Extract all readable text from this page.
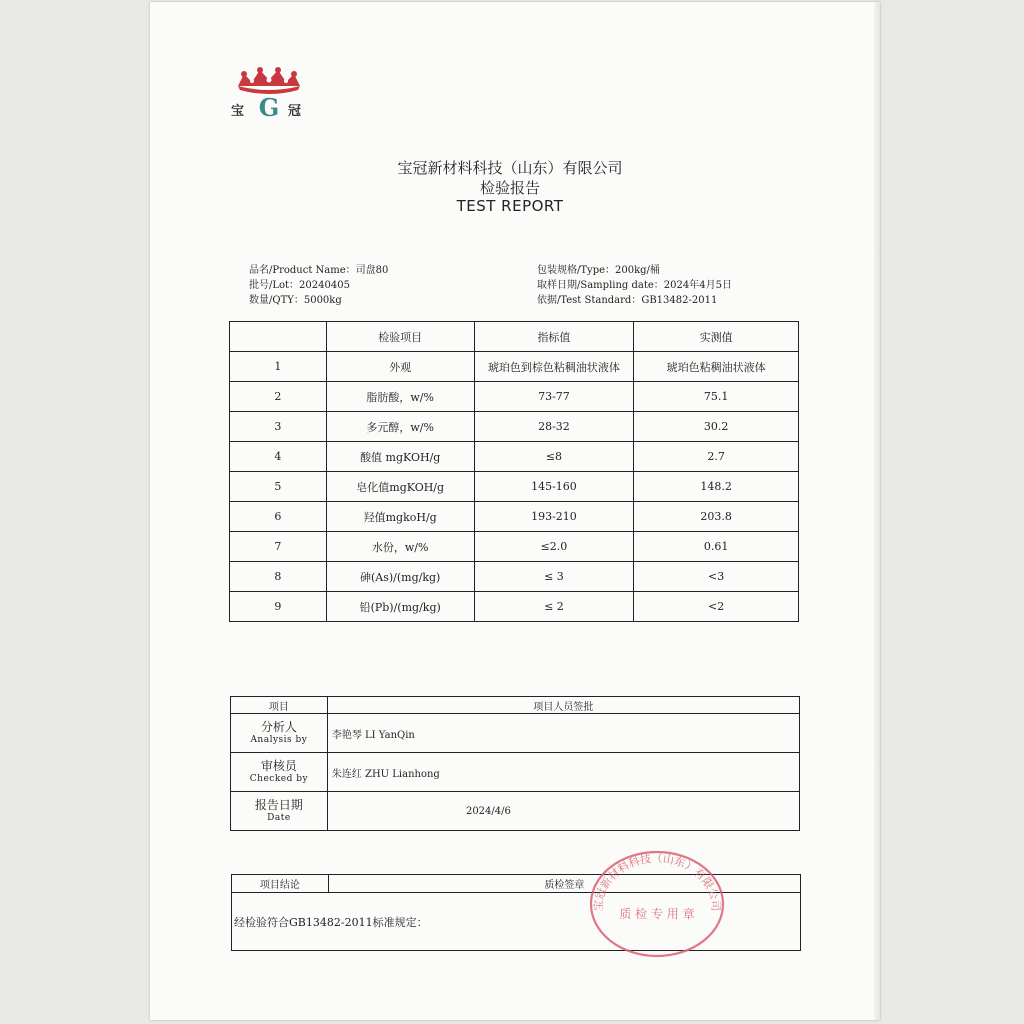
G
宝	冠
宝冠新材料科技（山东）有限公司
检验报告
TEST REPORT
品名/Product Name：司盘80
批号/Lot：20240405
数量/QTY：5000kg
包装规格/Type：200kg/桶
取样日期/Sampling date：2024年4月5日
依据/Test Standard：GB13482-2011
	检验项目	指标值	实测值
1	外观	琥珀色到棕色粘稠油状液体	琥珀色粘稠油状液体
2	脂肪酸，w/%	73-77	75.1
3	多元醇，w/%	28-32	30.2
4	酸值 mgKOH/g	≤8	2.7
5	皂化值mgKOH/g	145-160	148.2
6	羟值mgkoH/g	193-210	203.8
7	水份，w/%	≤2.0	0.61
8	砷(As)/(mg/kg)	≤ 3	<3
9	铅(Pb)/(mg/kg)	≤ 2	<2
项目	项目人员签批

分析人
Analysis by	李艳琴 LI YanQin

审核员
Checked by	朱连红 ZHU Lianhong

报告日期
Date	2024/4/6
项目结论	质检签章
经检验符合GB13482-2011标准规定：
宝冠新材料科技（山东）有限公司
质 检 专 用 章
